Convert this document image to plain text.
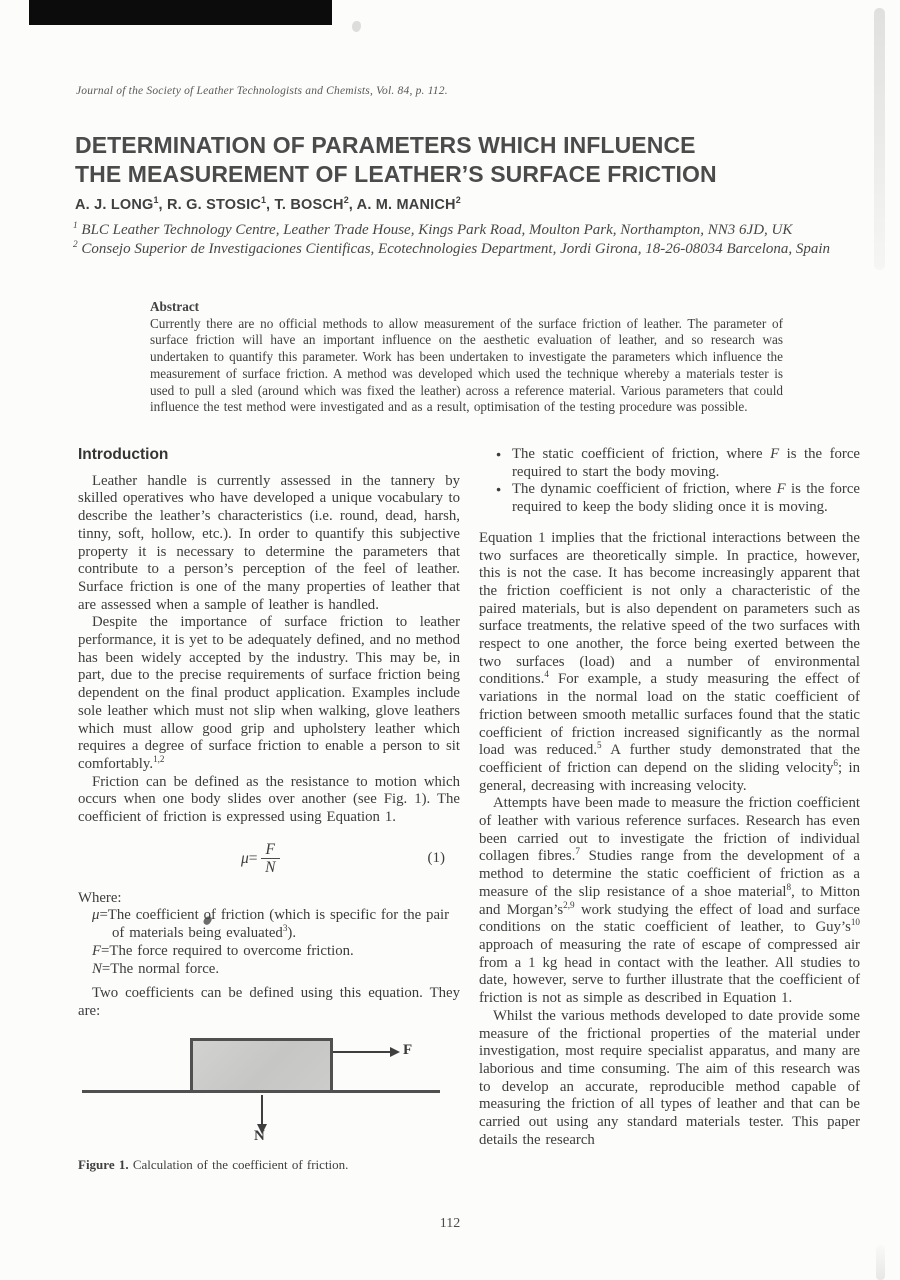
Journal of the Society of Leather Technologists and Chemists, Vol. 84, p. 112.
DETERMINATION OF PARAMETERS WHICH INFLUENCE
THE MEASUREMENT OF LEATHER’S SURFACE FRICTION
A. J. LONG$^1$, R. G. STOSIC$^1$, T. BOSCH$^2$, A. M. MANICH$^2$

$^1$ BLC Leather Technology Centre, Leather Trade House, Kings Park Road, Moulton Park, Northampton, NN3 6JD, UK

$^2$ Consejo Superior de Investigaciones Cientificas, Ecotechnologies Department, Jordi Girona, 18-26-08034 Barcelona, Spain

Abstract

Currently there are no official methods to allow measurement of the surface friction of leather. The parameter of surface friction will have an important influence on the aesthetic evaluation of leather, and so research was undertaken to quantify this parameter. Work has been undertaken to investigate the parameters which influence the measurement of surface friction. A method was developed which used the technique whereby a materials tester is used to pull a sled (around which was fixed the leather) across a reference material. Various parameters that could influence the test method were investigated and as a result, optimisation of the testing procedure was possible.

Introduction

Leather handle is currently assessed in the tannery by skilled operatives who have developed a unique vocabulary to describe the leather’s characteristics (i.e. round, dead, harsh, tinny, soft, hollow, etc.). In order to quantify this subjective property it is necessary to determine the parameters that contribute to a person’s perception of the feel of leather. Surface friction is one of the many properties of leather that are assessed when a sample of leather is handled.

Despite the importance of surface friction to leather performance, it is yet to be adequately defined, and no method has been widely accepted by the industry. This may be, in part, due to the precise requirements of surface friction being dependent on the final product application. Examples include sole leather which must not slip when walking, glove leathers which must allow good grip and upholstery leather which requires a degree of surface friction to enable a person to sit comfortably.$^{1,2}$

Friction can be defined as the resistance to motion which occurs when one body slides over another (see Fig. 1). The coefficient of friction is expressed using Equation 1.

$\mu = \frac{F}{N}$	(1)

Where:

μ=The coefficient of friction (which is specific for the pair of materials being evaluated$^3$).

F=The force required to overcome friction.

N=The normal force.

Two coefficients can be defined using this equation. They are:

F
N

Figure 1. Calculation of the coefficient of friction.

● The static coefficient of friction, where F is the force required to start the body moving.
● The dynamic coefficient of friction, where F is the force required to keep the body sliding once it is moving.

Equation 1 implies that the frictional interactions between the two surfaces are theoretically simple. In practice, however, this is not the case. It has become increasingly apparent that the friction coefficient is not only a characteristic of the paired materials, but is also dependent on parameters such as surface treatments, the relative speed of the two surfaces with respect to one another, the force being exerted between the two surfaces (load) and a number of environmental conditions.$^4$ For example, a study measuring the effect of variations in the normal load on the static coefficient of friction between smooth metallic surfaces found that the static coefficient of friction increased significantly as the normal load was reduced.$^5$ A further study demonstrated that the coefficient of friction can depend on the sliding velocity$^6$; in general, decreasing with increasing velocity.

Attempts have been made to measure the friction coefficient of leather with various reference surfaces. Research has even been carried out to investigate the friction of individual collagen fibres.$^7$ Studies range from the development of a method to determine the static coefficient of friction as a measure of the slip resistance of a shoe material$^8$, to Mitton and $Morgan’s^{2,9}$ work studying the effect of load and surface conditions on the static coefficient of leather, to $Guy’s^{10}$ approach of measuring the rate of escape of compressed air from a 1 kg head in contact with the leather. All studies to date, however, serve to further illustrate that the coefficient of friction is not as simple as described in Equation 1.

Whilst the various methods developed to date provide some measure of the frictional properties of the material under investigation, most require specialist apparatus, and many are laborious and time consuming. The aim of this research was to develop an accurate, reproducible method capable of measuring the friction of all types of leather and that can be carried out using any standard materials tester. This paper details the research

112
